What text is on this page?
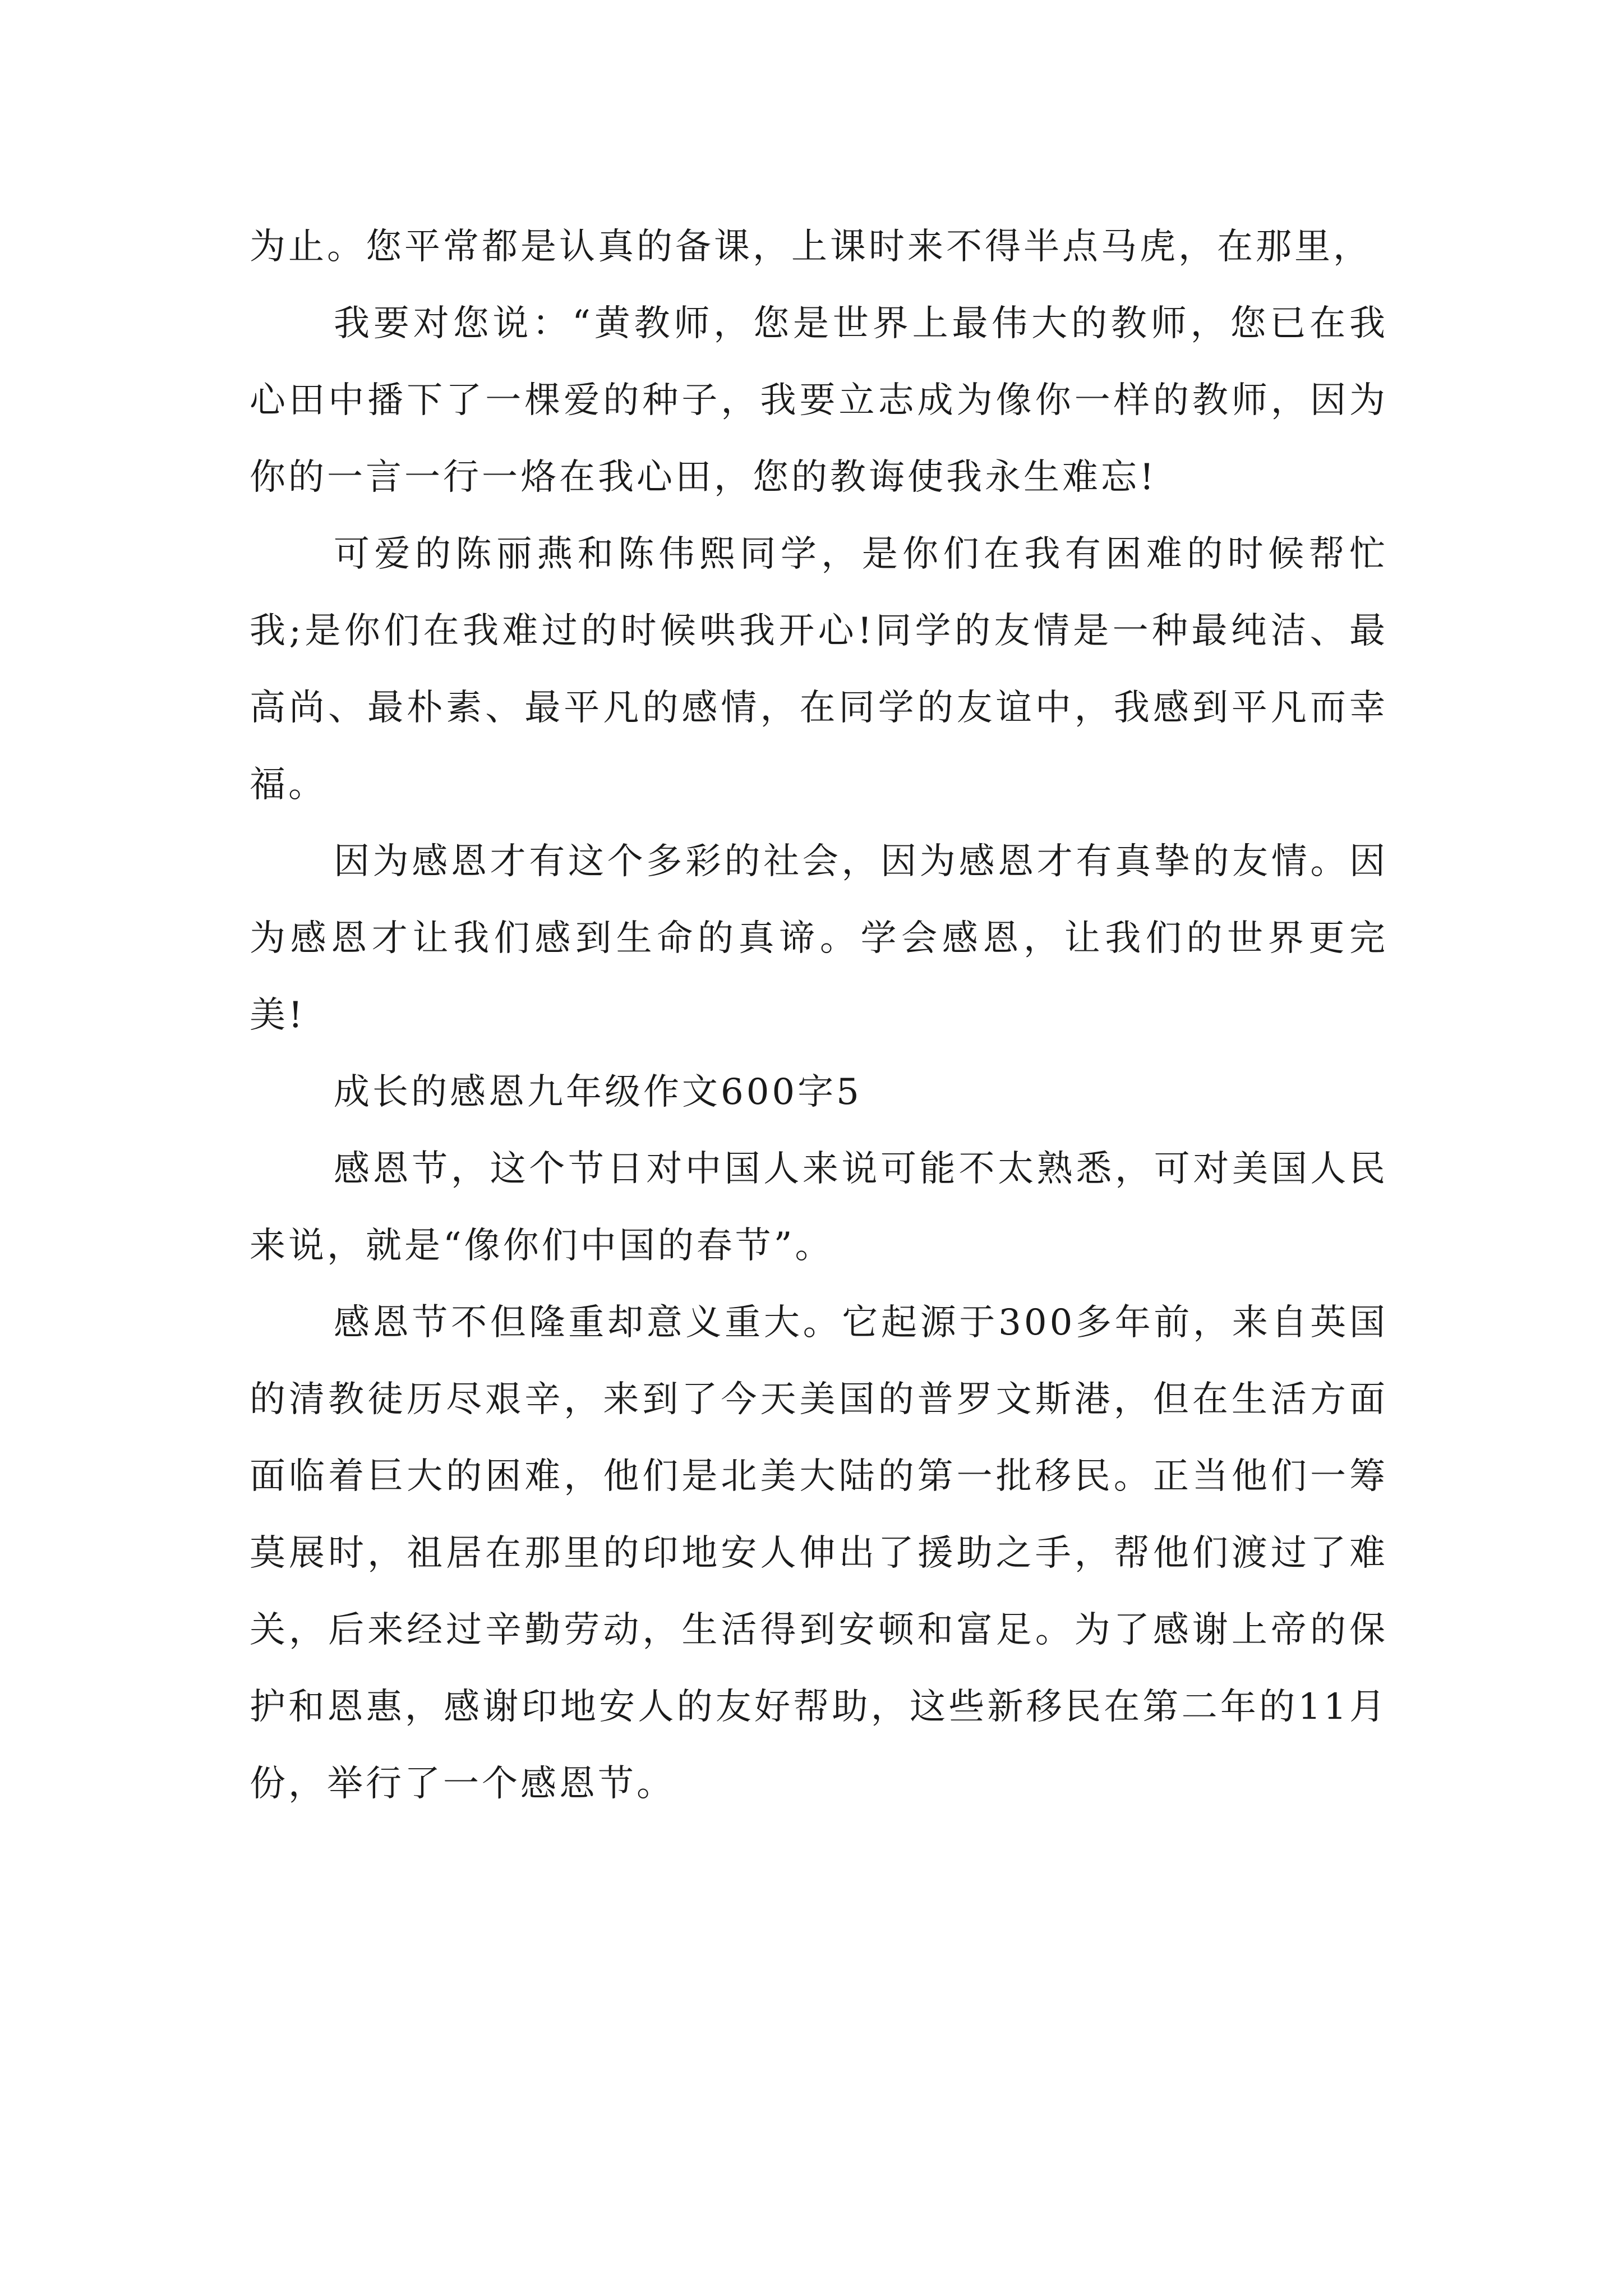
为止。您平常都是认真的备课，上课时来不得半点马虎，在那里，

我要对您说：“黄教师，您是世界上最伟大的教师，您已在我心田中播下了一棵爱的种子，我要立志成为像你一样的教师，因为你的一言一行一烙在我心田，您的教诲使我永生难忘!

可爱的陈丽燕和陈伟熙同学，是你们在我有困难的时候帮忙我;是你们在我难过的时候哄我开心!同学的友情是一种最纯洁、最高尚、最朴素、最平凡的感情，在同学的友谊中，我感到平凡而幸福。

因为感恩才有这个多彩的社会，因为感恩才有真挚的友情。因为感恩才让我们感到生命的真谛。学会感恩，让我们的世界更完美!

成长的感恩九年级作文600字5

感恩节，这个节日对中国人来说可能不太熟悉，可对美国人民来说，就是“像你们中国的春节”。

感恩节不但隆重却意义重大。它起源于300多年前，来自英国的清教徒历尽艰辛，来到了今天美国的普罗文斯港，但在生活方面面临着巨大的困难，他们是北美大陆的第一批移民。正当他们一筹莫展时，祖居在那里的印地安人伸出了援助之手，帮他们渡过了难关，后来经过辛勤劳动，生活得到安顿和富足。为了感谢上帝的保护和恩惠，感谢印地安人的友好帮助，这些新移民在第二年的11月份，举行了一个感恩节。
